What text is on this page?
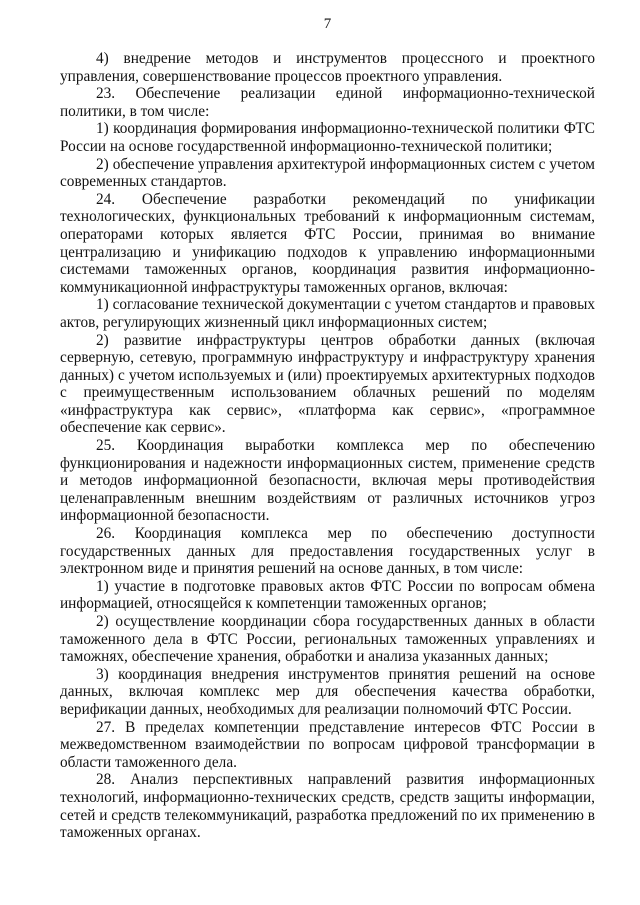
7

4) внедрение методов и инструментов процессного и проектного управления, совершенствование процессов проектного управления.

23. Обеспечение реализации единой информационно-технической политики, в том числе:

1) координация формирования информационно-технической политики ФТС России на основе государственной информационно-технической политики;

2) обеспечение управления архитектурой информационных систем с учетом современных стандартов.

24. Обеспечение разработки рекомендаций по унификации технологических, функциональных требований к информационным системам, операторами которых является ФТС России, принимая во внимание централизацию и унификацию подходов к управлению информационными системами таможенных органов, координация развития информационно-коммуникационной инфраструктуры таможенных органов, включая:

1) согласование технической документации с учетом стандартов и правовых актов, регулирующих жизненный цикл информационных систем;

2) развитие инфраструктуры центров обработки данных (включая серверную, сетевую, программную инфраструктуру и инфраструктуру хранения данных) с учетом используемых и (или) проектируемых архитектурных подходов с преимущественным использованием облачных решений по моделям «инфраструктура как сервис», «платформа как сервис», «программное обеспечение как сервис».

25. Координация выработки комплекса мер по обеспечению функционирования и надежности информационных систем, применение средств и методов информационной безопасности, включая меры противодействия целенаправленным внешним воздействиям от различных источников угроз информационной безопасности.

26. Координация комплекса мер по обеспечению доступности государственных данных для предоставления государственных услуг в электронном виде и принятия решений на основе данных, в том числе:

1) участие в подготовке правовых актов ФТС России по вопросам обмена информацией, относящейся к компетенции таможенных органов;

2) осуществление координации сбора государственных данных в области таможенного дела в ФТС России, региональных таможенных управлениях и таможнях, обеспечение хранения, обработки и анализа указанных данных;

3) координация внедрения инструментов принятия решений на основе данных, включая комплекс мер для обеспечения качества обработки, верификации данных, необходимых для реализации полномочий ФТС России.

27. В пределах компетенции представление интересов ФТС России в межведомственном взаимодействии по вопросам цифровой трансформации в области таможенного дела.

28. Анализ перспективных направлений развития информационных технологий, информационно-технических средств, средств защиты информации, сетей и средств телекоммуникаций, разработка предложений по их применению в таможенных органах.
